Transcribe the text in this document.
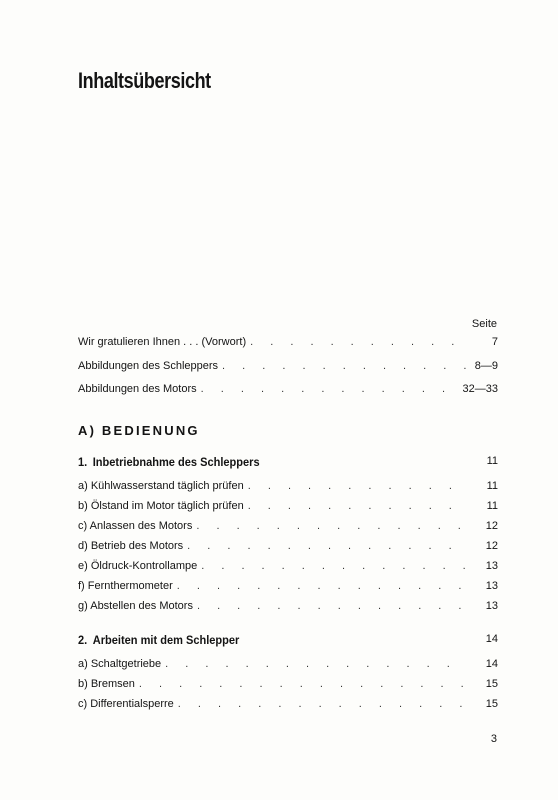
Inhaltsübersicht
Seite
Wir gratulieren Ihnen . . . (Vorwort) . . .	7
Abbildungen des Schleppers . . .	8—9
Abbildungen des Motors . . .	32—33
A) BEDIENUNG
1. Inbetriebnahme des Schleppers	11
a) Kühlwasserstand täglich prüfen . . .	11
b) Ölstand im Motor täglich prüfen . . .	11
c) Anlassen des Motors . . .	12
d) Betrieb des Motors . . .	12
e) Öldruck-Kontrollampe . . .	13
f) Fernthermometer . . .	13
g) Abstellen des Motors . . .	13
2. Arbeiten mit dem Schlepper	14
a) Schaltgetriebe . . .	14
b) Bremsen . . .	15
c) Differentialsperre . . .	15
3
